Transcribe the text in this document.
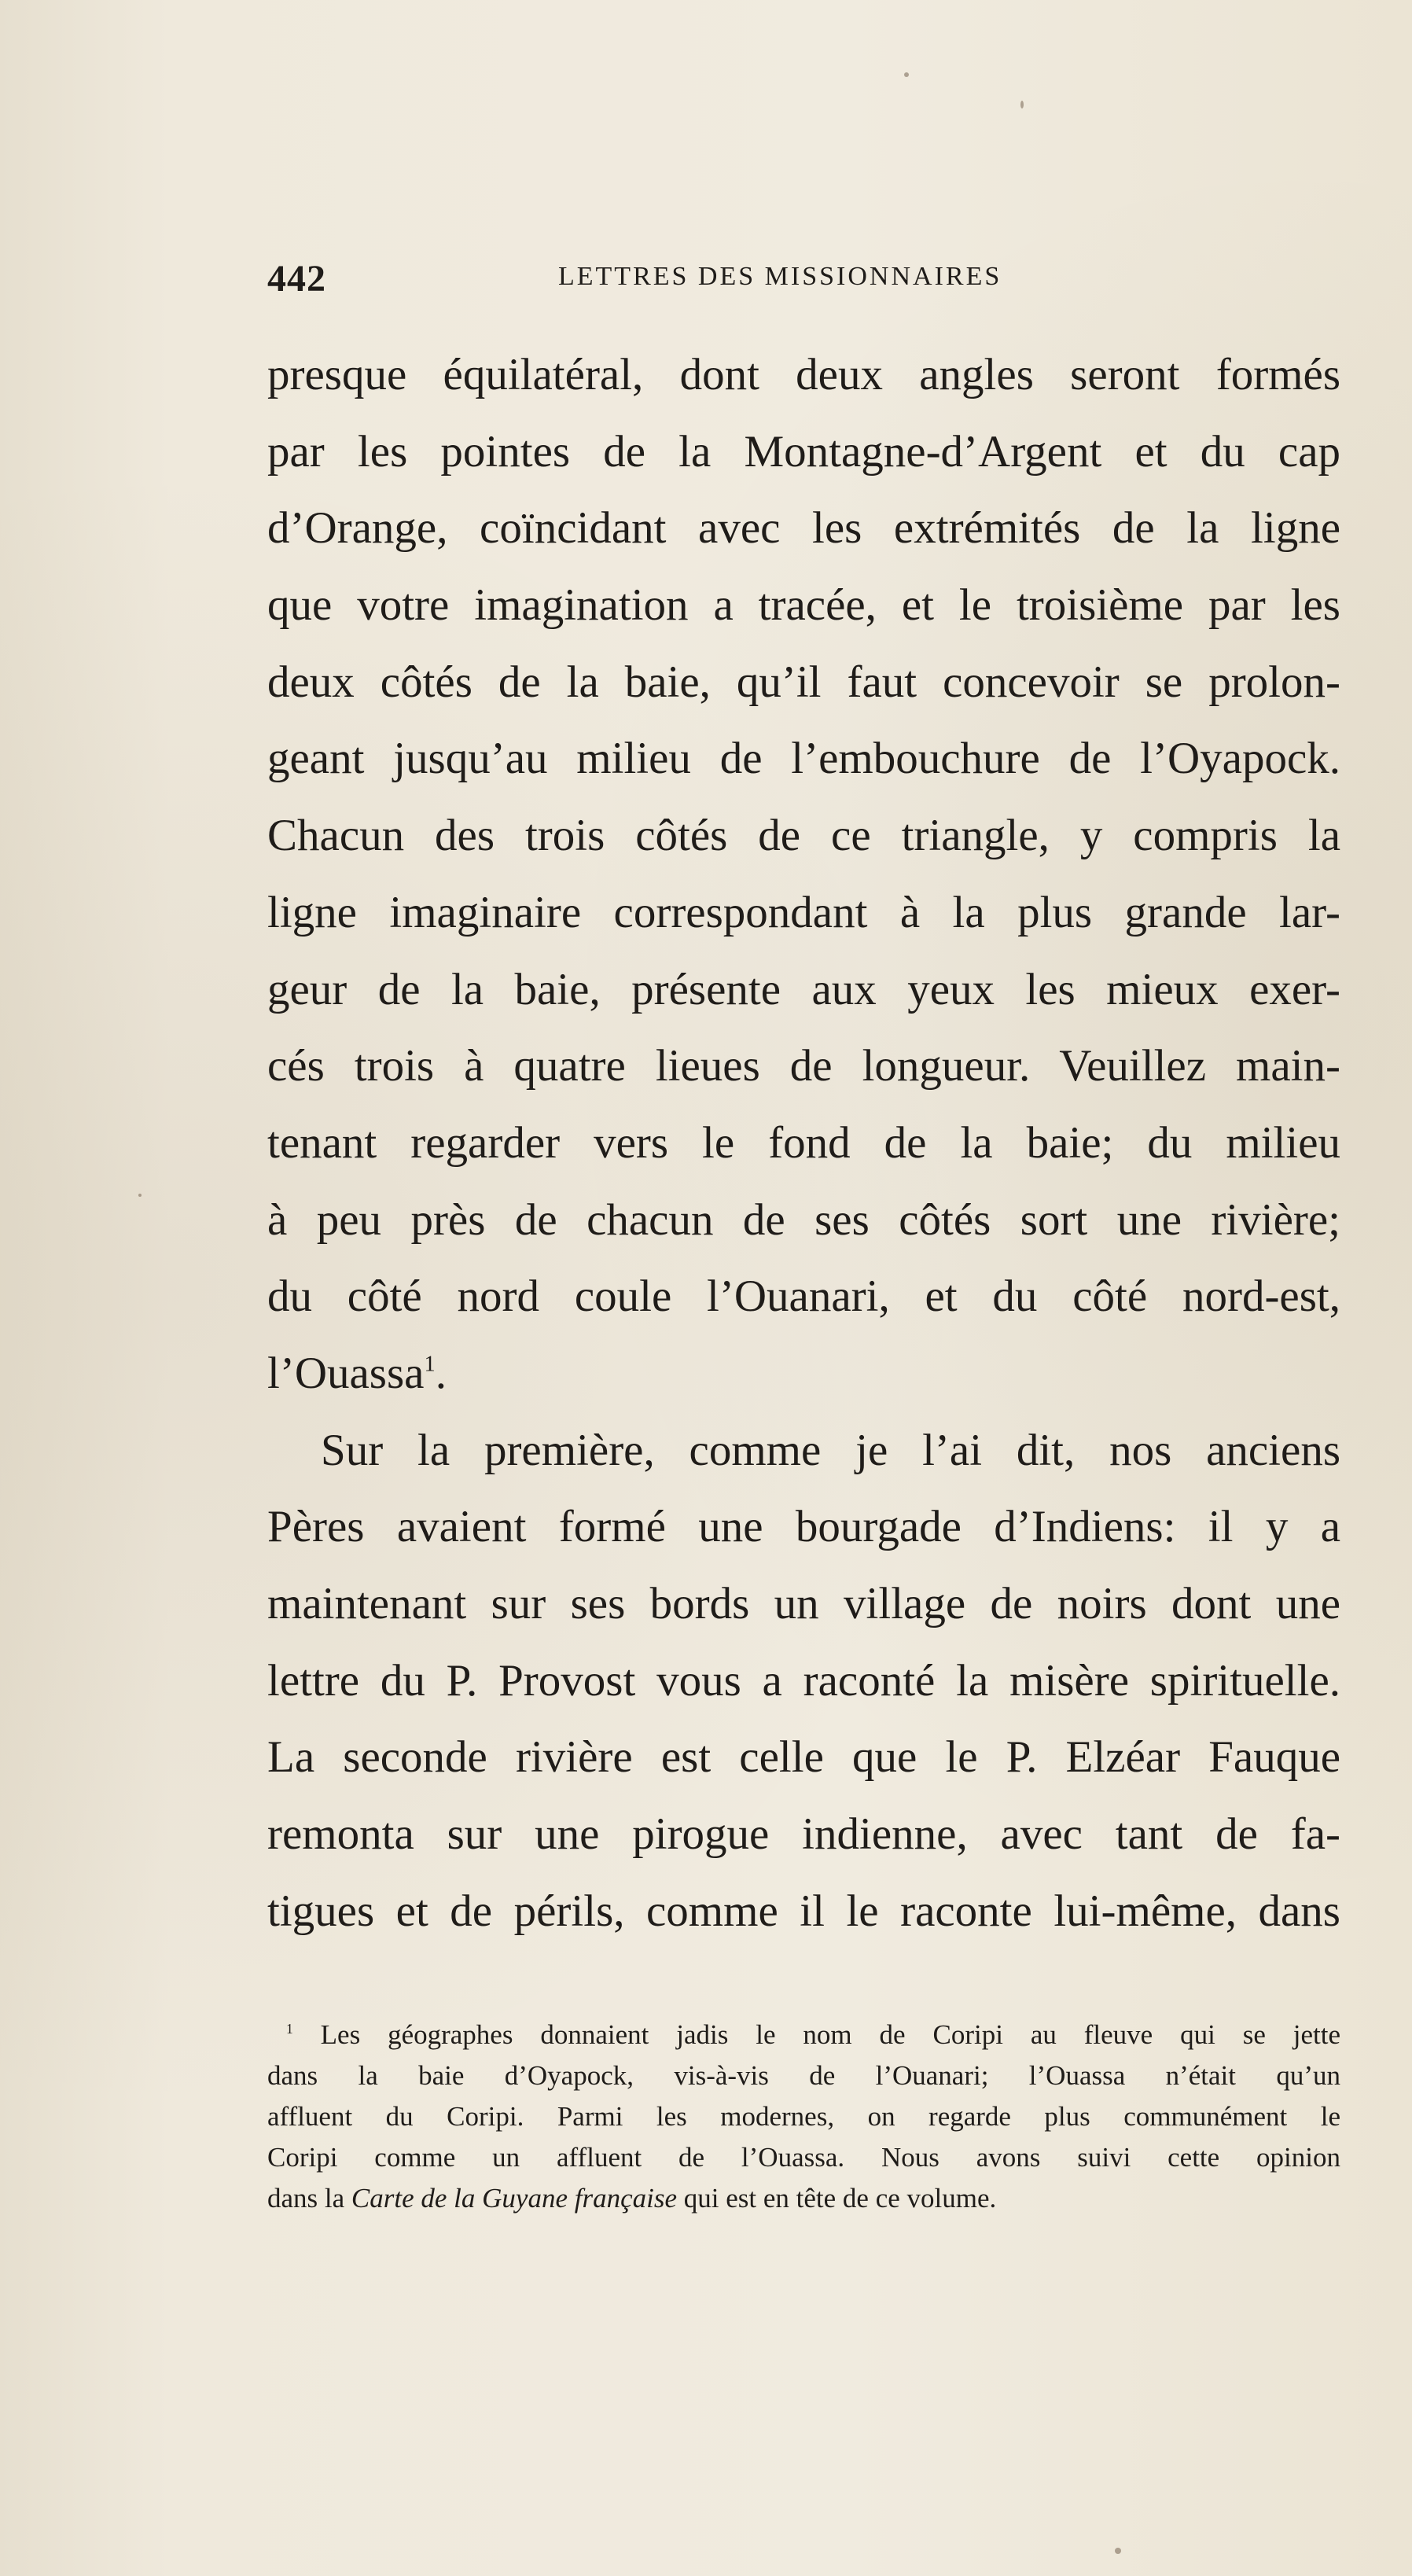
442	LETTRES DES MISSIONNAIRES
presque équilatéral, dont deux angles seront formés
par les pointes de la Montagne-d’Argent et du cap
d’Orange, coïncidant avec les extrémités de la ligne
que votre imagination a tracée, et le troisième par les
deux côtés de la baie, qu’il faut concevoir se prolon-
geant jusqu’au milieu de l’embouchure de l’Oyapock.
Chacun des trois côtés de ce triangle, y compris la
ligne imaginaire correspondant à la plus grande lar-
geur de la baie, présente aux yeux les mieux exer-
cés trois à quatre lieues de longueur. Veuillez main-
tenant regarder vers le fond de la baie; du milieu
à peu près de chacun de ses côtés sort une rivière;
du côté nord coule l’Ouanari, et du côté nord-est,
l’Ouassa$^1$.
Sur la première, comme je l’ai dit, nos anciens
Pères avaient formé une bourgade d’Indiens: il y a
maintenant sur ses bords un village de noirs dont une
lettre du P. Provost vous a raconté la misère spirituelle.
La seconde rivière est celle que le P. Elzéar Fauque
remonta sur une pirogue indienne, avec tant de fa-
tigues et de périls, comme il le raconte lui-même, dans
$^1$ Les géographes donnaient jadis le nom de Coripi au fleuve qui se jette
dans la baie d’Oyapock, vis-à-vis de l’Ouanari; l’Ouassa n’était qu’un
affluent du Coripi. Parmi les modernes, on regarde plus communément le
Coripi comme un affluent de l’Ouassa. Nous avons suivi cette opinion
dans la Carte de la Guyane française qui est en tête de ce volume.
